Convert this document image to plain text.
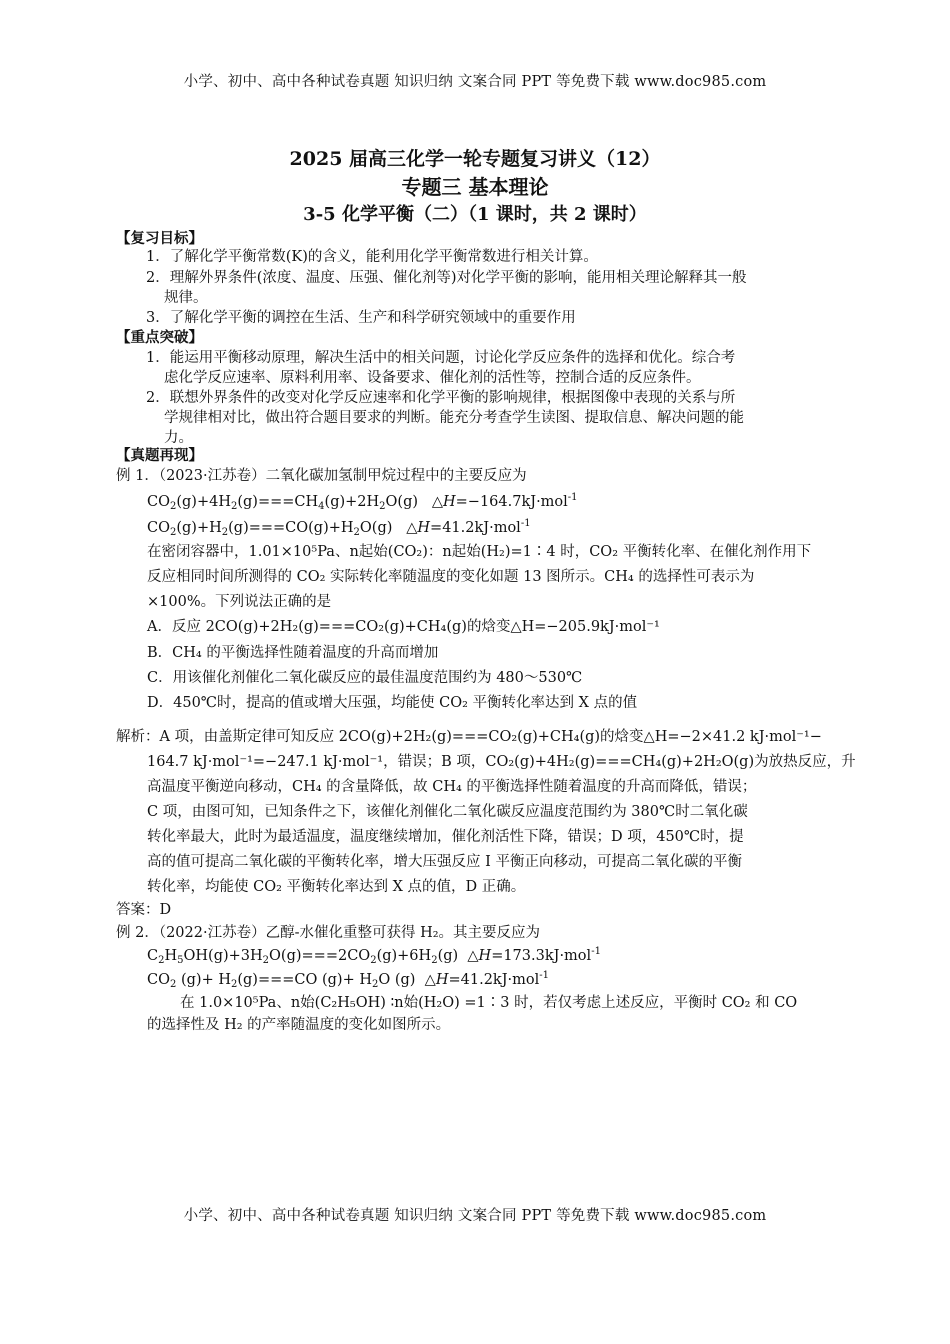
小学、初中、高中各种试卷真题 知识归纳 文案合同 PPT 等免费下载 www.doc985.com
2025 届高三化学一轮专题复习讲义（12）
专题三 基本理论
3-5 化学平衡（二）（1 课时，共 2 课时）
【复习目标】
1．了解化学平衡常数(K)的含义，能利用化学平衡常数进行相关计算。
2．理解外界条件(浓度、温度、压强、催化剂等)对化学平衡的影响，能用相关理论解释其一般
规律。
3．了解化学平衡的调控在生活、生产和科学研究领域中的重要作用
【重点突破】
1．能运用平衡移动原理，解决生活中的相关问题，讨论化学反应条件的选择和优化。综合考
虑化学反应速率、原料利用率、设备要求、催化剂的活性等，控制合适的反应条件。
2．联想外界条件的改变对化学反应速率和化学平衡的影响规律，根据图像中表现的关系与所
学规律相对比，做出符合题目要求的判断。能充分考查学生读图、提取信息、解决问题的能
力。
【真题再现】
例 1．（2023·江苏卷）二氧化碳加氢制甲烷过程中的主要反应为
$CO_2(g)+4H_2(g)===CH_4(g)+2H_2O(g)$   △H=−164.7kJ·mol$^{-1}$
$CO_2(g)+H_2(g)===CO(g)+H_2O(g)$   △H=41.2kJ·mol$^{-1}$
在密闭容器中，1.01×10⁵Pa、n起始(CO₂)：n起始(H₂)=1∶4 时，CO₂ 平衡转化率、在催化剂作用下
反应相同时间所测得的 CO₂ 实际转化率随温度的变化如题 13 图所示。CH₄ 的选择性可表示为
×100%。下列说法正确的是
A．反应 2CO(g)+2H₂(g)===CO₂(g)+CH₄(g)的焓变△H=−205.9kJ·mol⁻¹
B．CH₄ 的平衡选择性随着温度的升高而增加
C．用该催化剂催化二氧化碳反应的最佳温度范围约为 480～530℃
D．450℃时，提高的值或增大压强，均能使 CO₂ 平衡转化率达到 X 点的值
解析：A 项，由盖斯定律可知反应 2CO(g)+2H₂(g)===CO₂(g)+CH₄(g)的焓变△H=−2×41.2 kJ·mol⁻¹−
164.7 kJ·mol⁻¹=−247.1 kJ·mol⁻¹，错误；B 项，CO₂(g)+4H₂(g)===CH₄(g)+2H₂O(g)为放热反应，升
高温度平衡逆向移动，CH₄ 的含量降低，故 CH₄ 的平衡选择性随着温度的升高而降低，错误；
C 项，由图可知，已知条件之下，该催化剂催化二氧化碳反应温度范围约为 380℃时二氧化碳
转化率最大，此时为最适温度，温度继续增加，催化剂活性下降，错误；D 项，450℃时，提
高的值可提高二氧化碳的平衡转化率，增大压强反应 I 平衡正向移动，可提高二氧化碳的平衡
转化率，均能使 CO₂ 平衡转化率达到 X 点的值，D 正确。
答案：D
例 2．（2022·江苏卷）乙醇-水催化重整可获得 H₂。其主要反应为
$C_2H_5OH(g)+3H_2O(g)===2CO_2(g)+6H_2(g)$  △H=173.3kJ·mol$^{-1}$
$CO_2$ $(g)+ H_2(g)===CO$ $(g)+ H_2O$ (g)  △H=41.2kJ·mol$^{-1}$
在 1.0×10⁵Pa、n始(C₂H₅OH) ∶n始(H₂O) =1∶3 时，若仅考虑上述反应，平衡时 CO₂ 和 CO
的选择性及 H₂ 的产率随温度的变化如图所示。
小学、初中、高中各种试卷真题 知识归纳 文案合同 PPT 等免费下载 www.doc985.com
